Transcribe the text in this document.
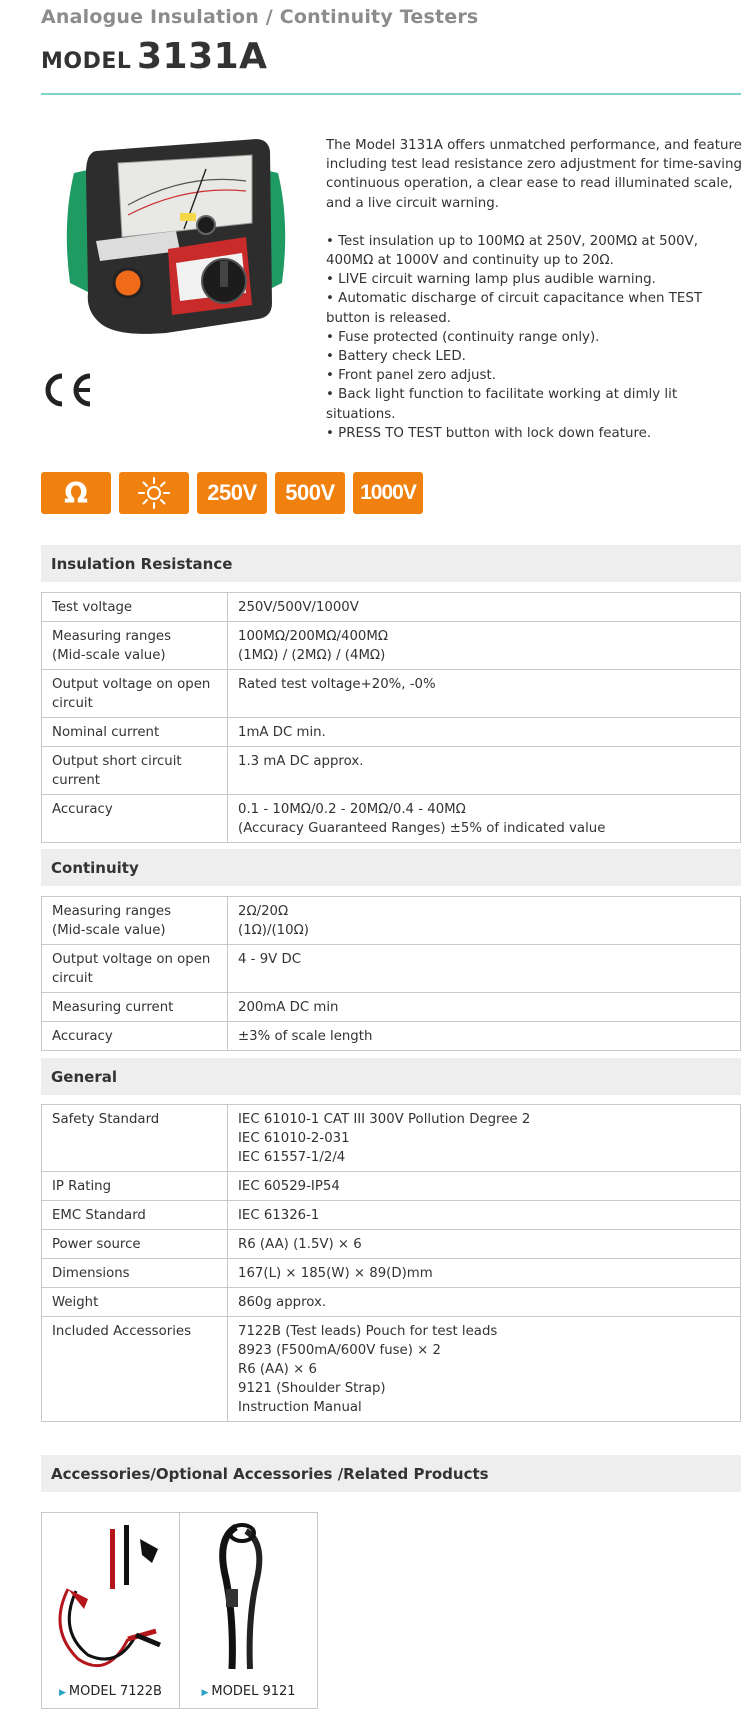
Analogue Insulation / Continuity Testers
MODEL 3131A

The Model 3131A offers unmatched performance, and feature including test lead resistance zero adjustment for time-saving continuous operation, a clear ease to read illuminated scale, and a live circuit warning.

• Test insulation up to 100MΩ at 250V, 200MΩ at 500V, 400MΩ at 1000V and continuity up to 20Ω.
• LIVE circuit warning lamp plus audible warning.
• Automatic discharge of circuit capacitance when TEST button is released.
• Fuse protected (continuity range only).
• Battery check LED.
• Front panel zero adjust.
• Back light function to facilitate working at dimly lit situations.
• PRESS TO TEST button with lock down feature.
Ω	250V	500V	1000V
Insulation Resistance
Test voltage	250V/500V/1000V
Measuring ranges
(Mid-scale value)	100MΩ/200MΩ/400MΩ
(1MΩ) / (2MΩ) / (4MΩ)
Output voltage on open circuit	Rated test voltage+20%, -0%
Nominal current	1mA DC min.
Output short circuit current	1.3 mA DC approx.
Accuracy	0.1 - 10MΩ/0.2 - 20MΩ/0.4 - 40MΩ
(Accuracy Guaranteed Ranges) ±5% of indicated value
Continuity
Measuring ranges
(Mid-scale value)	2Ω/20Ω
(1Ω)/(10Ω)
Output voltage on open circuit	4 - 9V DC
Measuring current	200mA DC min
Accuracy	±3% of scale length
General
Safety Standard	IEC 61010-1 CAT III 300V Pollution Degree 2
IEC 61010-2-031
IEC 61557-1/2/4
IP Rating	IEC 60529-IP54
EMC Standard	IEC 61326-1
Power source	R6 (AA) (1.5V) × 6
Dimensions	167(L) × 185(W) × 89(D)mm
Weight	860g approx.
Included Accessories	7122B (Test leads) Pouch for test leads
8923 (F500mA/600V fuse) × 2
R6 (AA) × 6
9121 (Shoulder Strap)
Instruction Manual
Accessories/Optional Accessories /Related Products
▶ MODEL 7122B	▶ MODEL 9121
